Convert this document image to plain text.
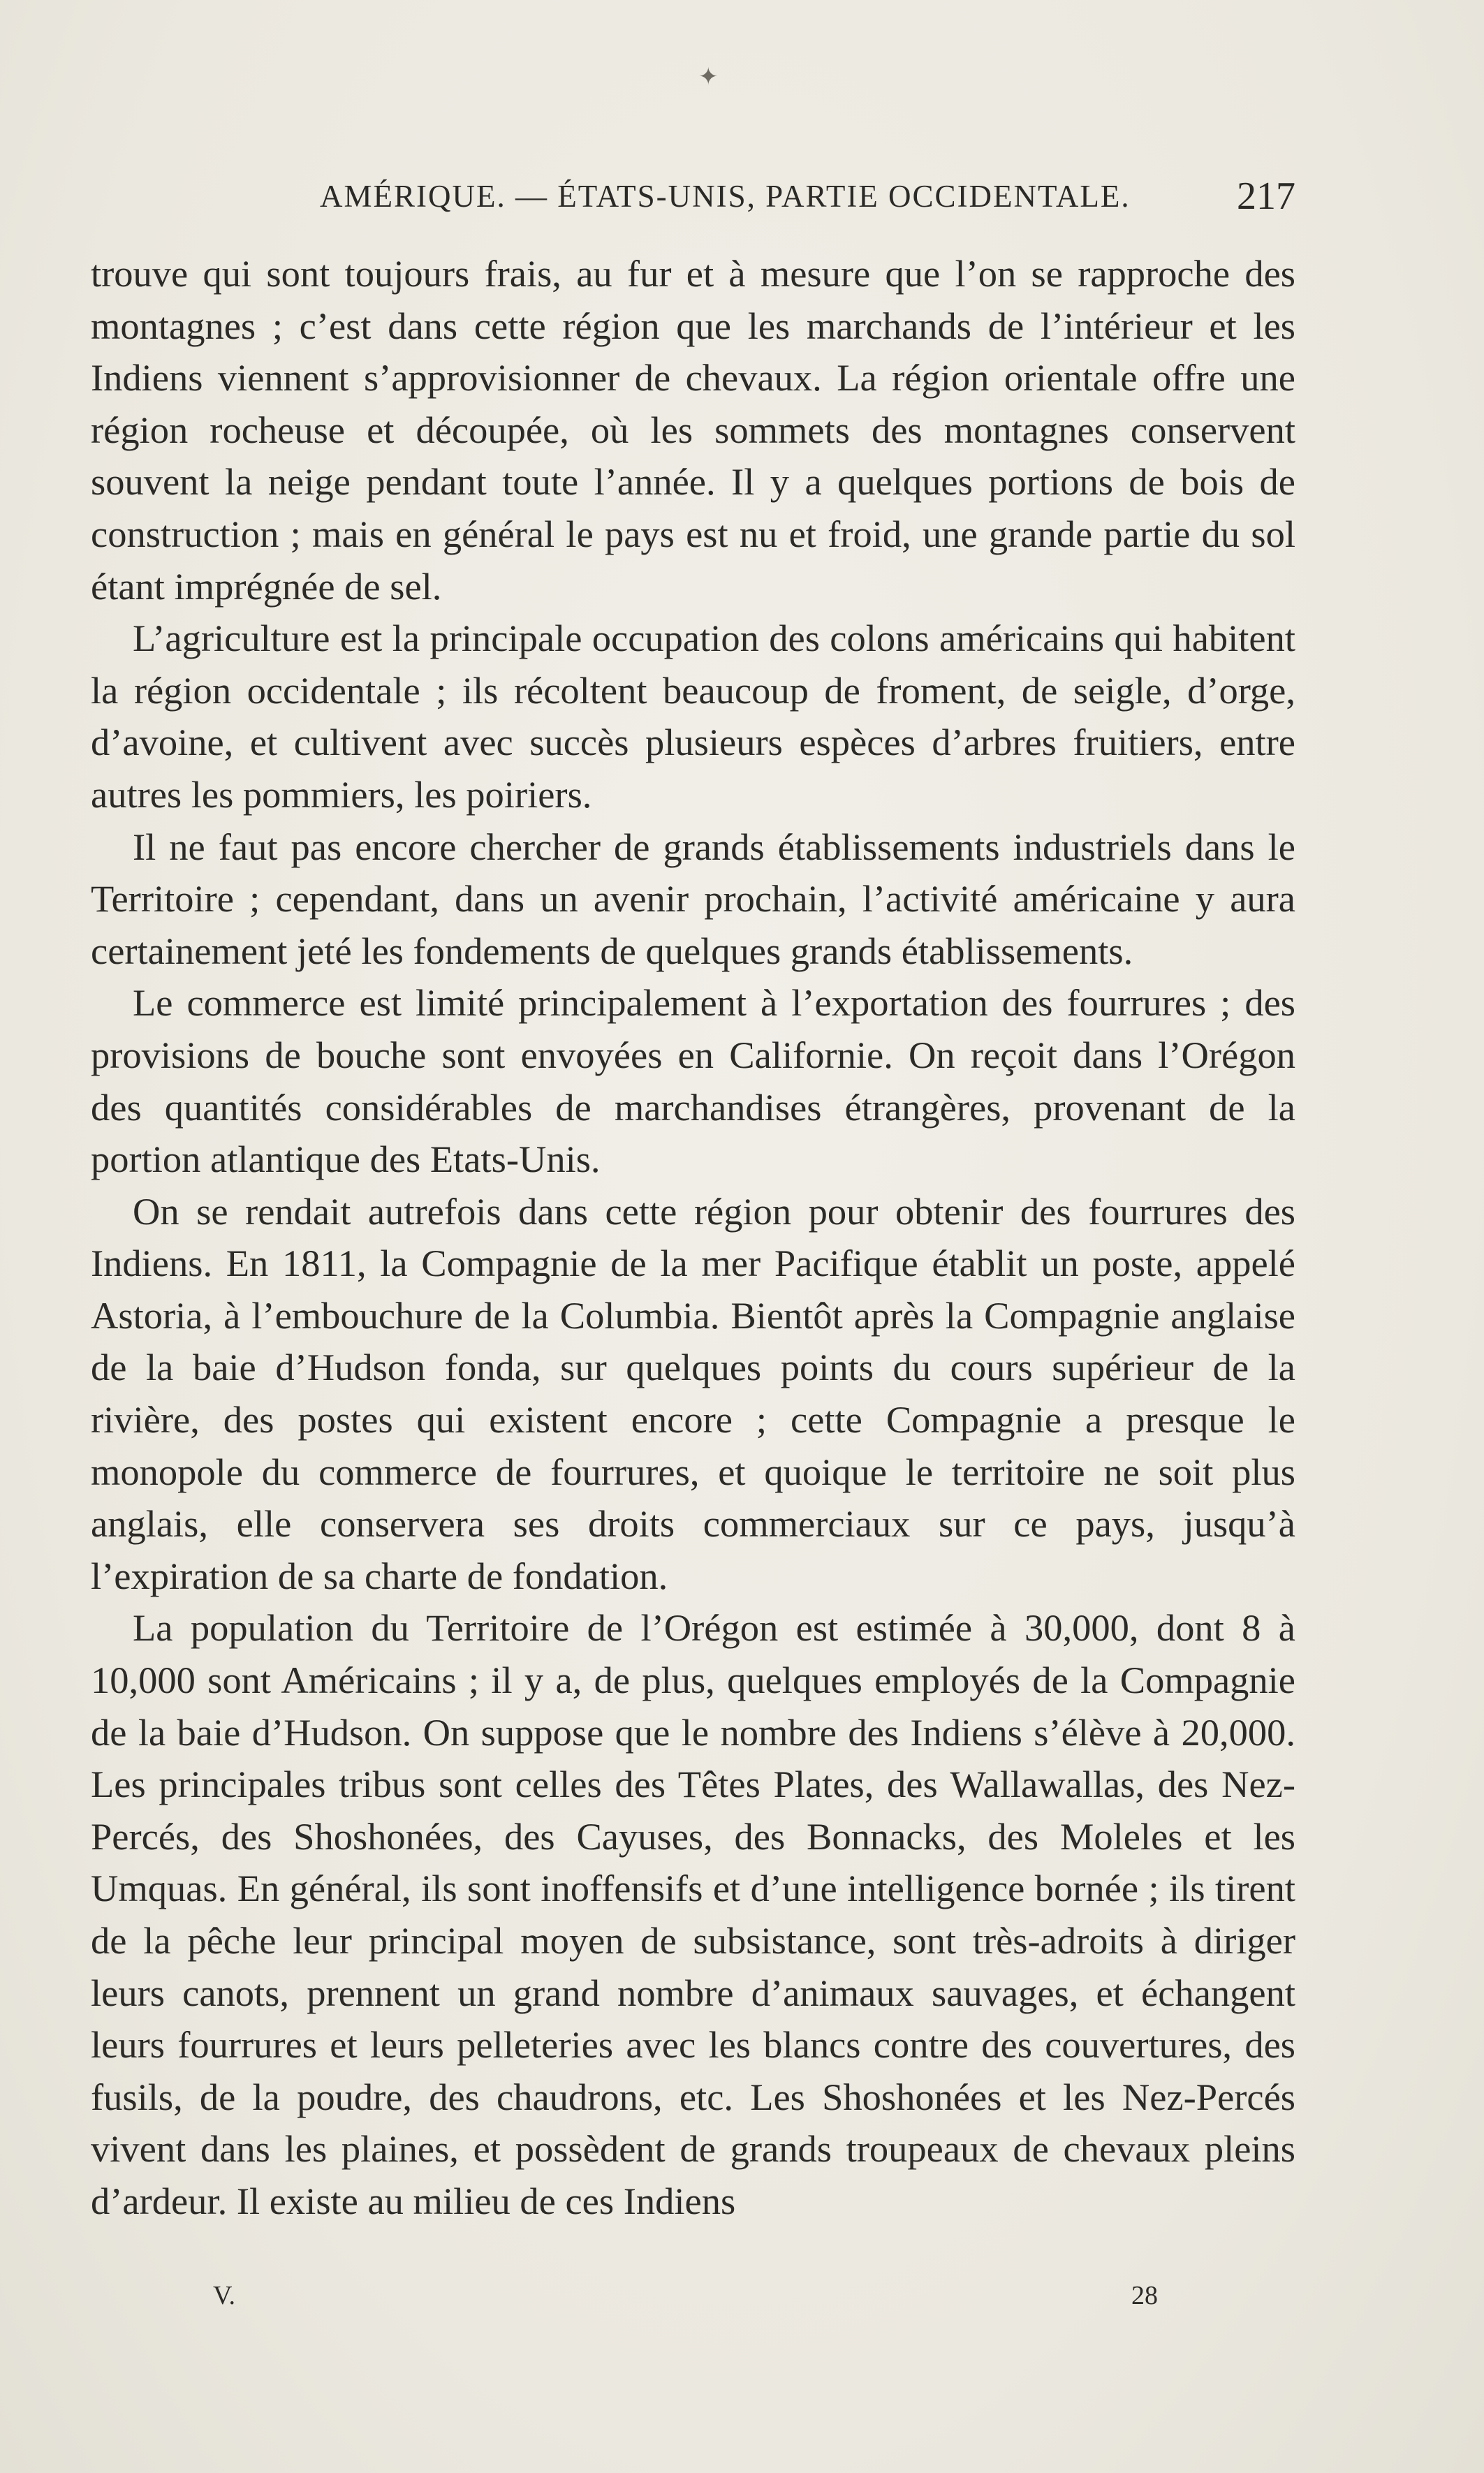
✦
AMÉRIQUE. — ÉTATS-UNIS, PARTIE OCCIDENTALE.	217

trouve qui sont toujours frais, au fur et à mesure que l’on se rapproche des montagnes ; c’est dans cette région que les marchands de l’intérieur et les Indiens viennent s’approvisionner de chevaux. La région orientale offre une région rocheuse et découpée, où les sommets des montagnes conservent souvent la neige pendant toute l’année. Il y a quelques portions de bois de construction ; mais en général le pays est nu et froid, une grande partie du sol étant imprégnée de sel.

L’agriculture est la principale occupation des colons américains qui habitent la région occidentale ; ils récoltent beaucoup de froment, de seigle, d’orge, d’avoine, et cultivent avec succès plusieurs espèces d’arbres fruitiers, entre autres les pommiers, les poiriers.

Il ne faut pas encore chercher de grands établissements industriels dans le Territoire ; cependant, dans un avenir prochain, l’activité américaine y aura certainement jeté les fondements de quelques grands établissements.

Le commerce est limité principalement à l’exportation des fourrures ; des provisions de bouche sont envoyées en Californie. On reçoit dans l’Orégon des quantités considérables de marchandises étrangères, provenant de la portion atlantique des Etats-Unis.

On se rendait autrefois dans cette région pour obtenir des fourrures des Indiens. En 1811, la Compagnie de la mer Pacifique établit un poste, appelé Astoria, à l’embouchure de la Columbia. Bientôt après la Compagnie anglaise de la baie d’Hudson fonda, sur quelques points du cours supérieur de la rivière, des postes qui existent encore ; cette Compagnie a presque le monopole du commerce de fourrures, et quoique le territoire ne soit plus anglais, elle conservera ses droits commerciaux sur ce pays, jusqu’à l’expiration de sa charte de fondation.

La population du Territoire de l’Orégon est estimée à 30,000, dont 8 à 10,000 sont Américains ; il y a, de plus, quelques employés de la Compagnie de la baie d’Hudson. On suppose que le nombre des Indiens s’élève à 20,000. Les principales tribus sont celles des Têtes Plates, des Wallawallas, des Nez-Percés, des Shoshonées, des Cayuses, des Bonnacks, des Moleles et les Umquas. En général, ils sont inoffensifs et d’une intelligence bornée ; ils tirent de la pêche leur principal moyen de subsistance, sont très-adroits à diriger leurs canots, prennent un grand nombre d’animaux sauvages, et échangent leurs fourrures et leurs pelleteries avec les blancs contre des couvertures, des fusils, de la poudre, des chaudrons, etc. Les Shoshonées et les Nez-Percés vivent dans les plaines, et possèdent de grands troupeaux de chevaux pleins d’ardeur. Il existe au milieu de ces Indiens

V.	28
